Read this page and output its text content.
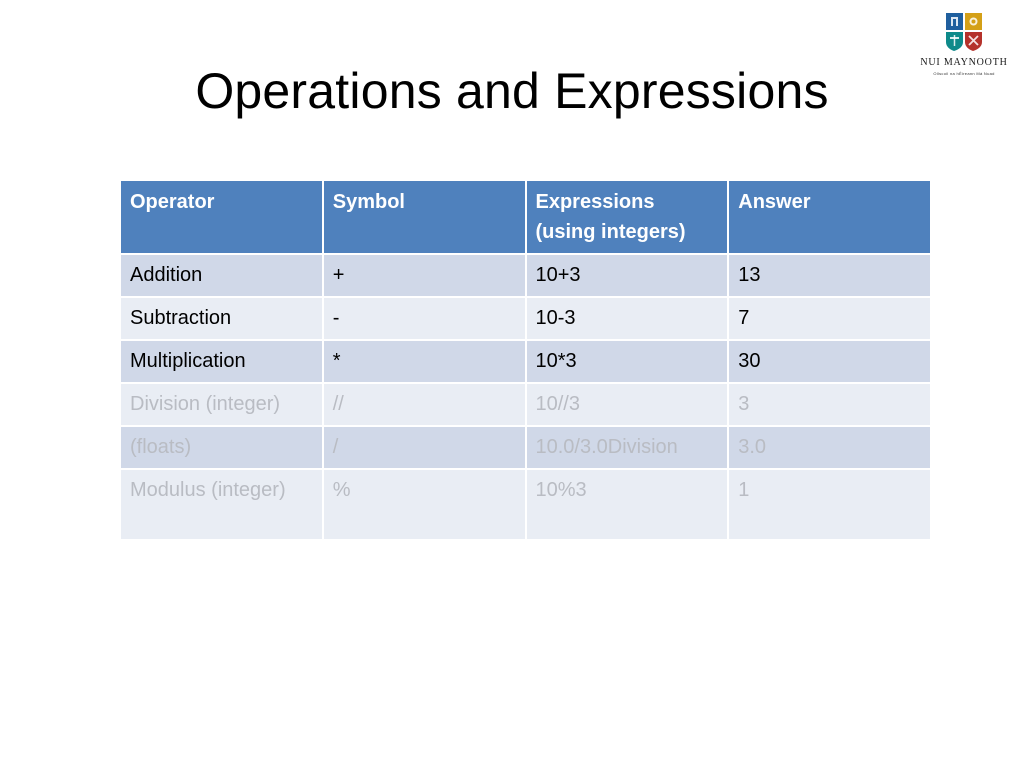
NUI MAYNOOTH
Ollscoil na hÉireann Má Nuad
Operations and Expressions
Operator	Symbol	Expressions (using integers)	Answer
Addition	+	10+3	13
Subtraction	-	10-3	7
Multiplication	*	10*3	30
Division (integer)	//	10//3	3
(floats)	/	10.0/3.0Division	3.0
Modulus (integer)	%	10%3	1
